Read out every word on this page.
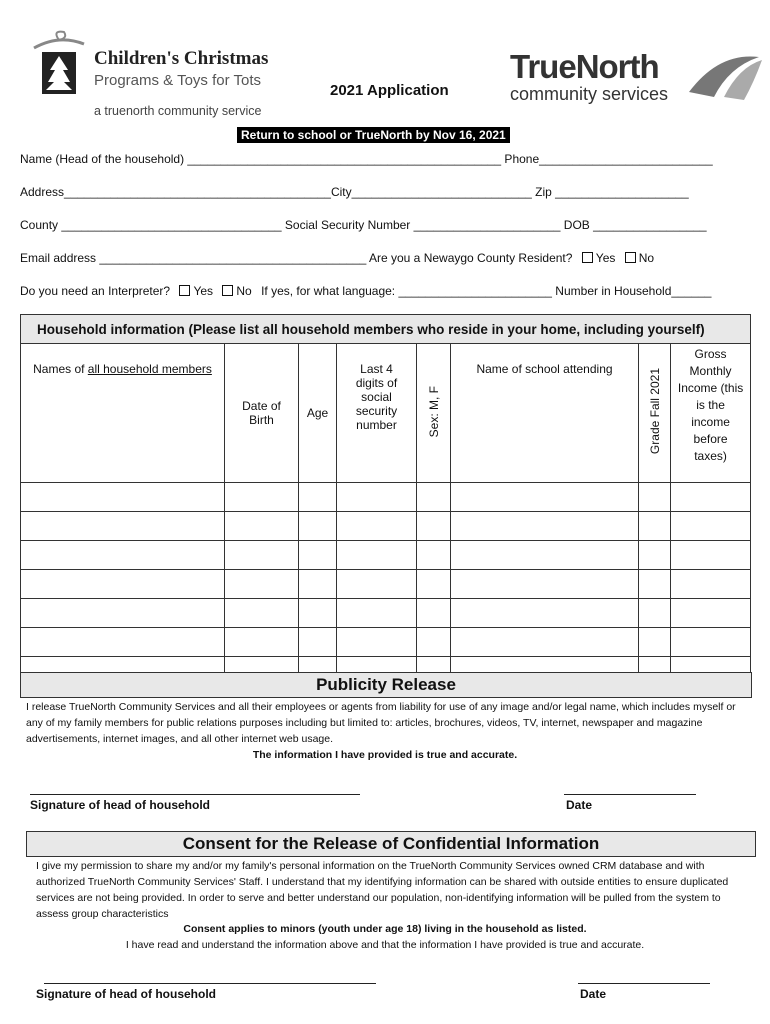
Children's Christmas
Programs & Toys for Tots
a truenorth community service
TrueNorth
community services
2021 Application
Return to school or TrueNorth by Nov 16, 2021
Name (Head of the household) _______________________________________________ Phone__________________________
Address________________________________________City___________________________ Zip ____________________
County _________________________________ Social Security Number ______________________ DOB _________________
Email address ________________________________________ Are you a Newaygo County Resident? Yes No
Do you need an Interpreter? Yes No If yes, for what language: _______________________ Number in Household______
Household information (Please list all household members who reside in your home, including yourself)							
Names of all household members	Date of Birth	Age	Last 4 digits of social security number	Sex: M, F	Name of school attending	Grade Fall 2021	Gross Monthly Income (this is the income before taxes)

Publicity Release
I release TrueNorth Community Services and all their employees or agents from liability for use of any image and/or legal name, which includes myself or any of my family members for public relations purposes including but limited to: articles, brochures, videos, TV, internet, newspaper and magazine advertisements, internet images, and all other internet web usage.
The information I have provided is true and accurate.
Signature of head of household	Date
Consent for the Release of Confidential Information
I give my permission to share my and/or my family's personal information on the TrueNorth Community Services owned CRM database and with authorized TrueNorth Community Services' Staff. I understand that my identifying information can be shared with outside entities to ensure duplicated services are not being provided. In order to serve and better understand our population, non-identifying information will be pulled from the system to assess group characteristics
Consent applies to minors (youth under age 18) living in the household as listed.
I have read and understand the information above and that the information I have provided is true and accurate.
Signature of head of household	Date
